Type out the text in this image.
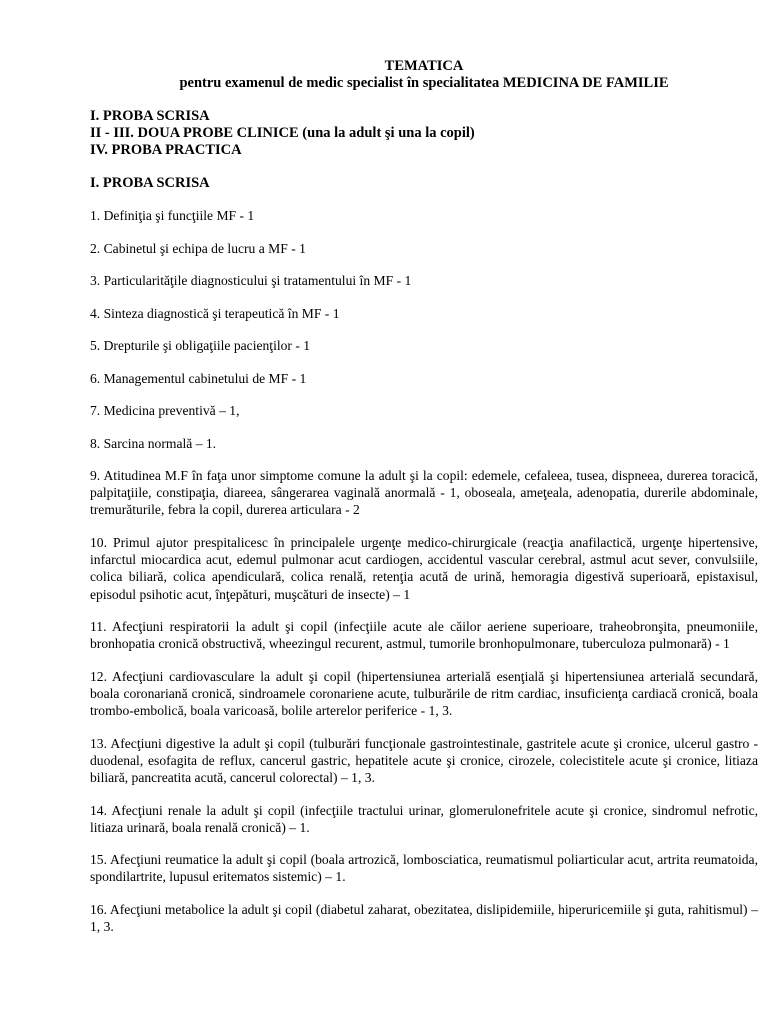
TEMATICA

pentru examenul de medic specialist în specialitatea MEDICINA DE FAMILIE

I. PROBA SCRISA

II - III. DOUA PROBE CLINICE (una la adult şi una la copil)

IV. PROBA PRACTICA

I. PROBA SCRISA

1. Definiţia şi funcţiile MF - 1

2. Cabinetul şi echipa de lucru a MF - 1

3. Particularităţile diagnosticului şi tratamentului în MF - 1

4. Sinteza diagnostică şi terapeutică în MF - 1

5. Drepturile şi obligaţiile pacienţilor - 1

6. Managementul cabinetului de MF - 1

7. Medicina preventivă – 1,

8. Sarcina normală – 1.

9. Atitudinea M.F în faţa unor simptome comune la adult şi la copil: edemele, cefaleea, tusea, dispneea, durerea toracică, palpitaţiile, constipaţia, diareea, sângerarea vaginală anormală - 1, oboseala, ameţeala, adenopatia, durerile abdominale, tremurăturile, febra la copil, durerea articulara - 2

10. Primul ajutor prespitalicesc în principalele urgenţe medico-chirurgicale (reacţia anafilactică, urgenţe hipertensive, infarctul miocardica acut, edemul pulmonar acut cardiogen, accidentul vascular cerebral, astmul acut sever, convulsiile, colica biliară, colica apendiculară, colica renală, retenţia acută de urină, hemoragia digestivă superioară, epistaxisul, episodul psihotic acut, înţepături, muşcături de insecte) – 1

11. Afecţiuni respiratorii la adult şi copil (infecţiile acute ale căilor aeriene superioare, traheobronşita, pneumoniile, bronhopatia cronică obstructivă, wheezingul recurent, astmul, tumorile bronhopulmonare, tuberculoza pulmonară) - 1

12. Afecţiuni cardiovasculare la adult şi copil (hipertensiunea arterială esenţială şi hipertensiunea arterială secundară, boala coronariană cronică, sindroamele coronariene acute, tulburările de ritm cardiac, insuficienţa cardiacă cronică, boala trombo-embolică, boala varicoasă, bolile arterelor periferice - 1, 3.

13. Afecţiuni digestive la adult şi copil (tulburări funcţionale gastrointestinale, gastritele acute şi cronice, ulcerul gastro - duodenal, esofagita de reflux, cancerul gastric, hepatitele acute şi cronice, cirozele, colecistitele acute şi cronice, litiaza biliară, pancreatita acută, cancerul colorectal) – 1, 3.

14. Afecţiuni renale la adult şi copil (infecţiile tractului urinar, glomerulonefritele acute şi cronice, sindromul nefrotic, litiaza urinară, boala renală cronică) – 1.

15. Afecţiuni reumatice la adult şi copil (boala artrozică, lombosciatica, reumatismul poliarticular acut, artrita reumatoida, spondilartrite, lupusul eritematos sistemic) – 1.

16. Afecţiuni metabolice la adult şi copil (diabetul zaharat, obezitatea, dislipidemiile, hiperuricemiile şi guta, rahitismul) – 1, 3.
